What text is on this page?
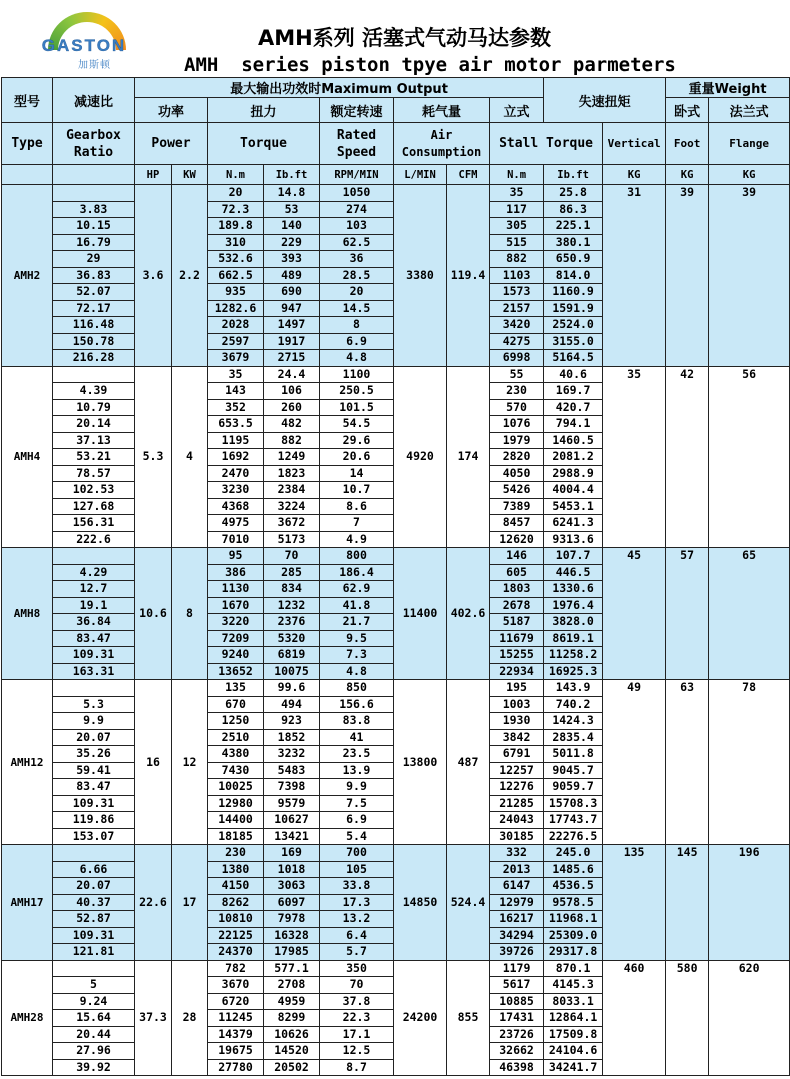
GASTON
加斯顿
AMH系列 活塞式气动马达参数
AMH  series piston tpye air motor parmeters
型号	减速比	最大输出功效时Maximum Output								失速扭矩		重量Weight	
		功率		扭力		额定转速	耗气量		立式			卧式	法兰式
Type	Gearbox Ratio	Power		Torque		Rated Speed	Air Consumption		Stall Torque		Vertical	Foot	Flange
		HP	KW	N.m	Ib.ft	RPM/MIN	L/MIN	CFM	N.m	Ib.ft	KG	KG	KG
AMH2		3.6	2.2	20	14.8	1050	3380	119.4	35	25.8	31	39	39
	3.83			72.3	53	274			117	86.3			
	10.15			189.8	140	103			305	225.1			
	16.79			310	229	62.5			515	380.1			
	29			532.6	393	36			882	650.9			
	36.83			662.5	489	28.5			1103	814.0			
	52.07			935	690	20			1573	1160.9			
	72.17			1282.6	947	14.5			2157	1591.9			
	116.48			2028	1497	8			3420	2524.0			
	150.78			2597	1917	6.9			4275	3155.0			
	216.28			3679	2715	4.8			6998	5164.5			
AMH4		5.3	4	35	24.4	1100	4920	174	55	40.6	35	42	56
	4.39			143	106	250.5			230	169.7			
	10.79			352	260	101.5			570	420.7			
	20.14			653.5	482	54.5			1076	794.1			
	37.13			1195	882	29.6			1979	1460.5			
	53.21			1692	1249	20.6			2820	2081.2			
	78.57			2470	1823	14			4050	2988.9			
	102.53			3230	2384	10.7			5426	4004.4			
	127.68			4368	3224	8.6			7389	5453.1			
	156.31			4975	3672	7			8457	6241.3			
	222.6			7010	5173	4.9			12620	9313.6			
AMH8		10.6	8	95	70	800	11400	402.6	146	107.7	45	57	65
	4.29			386	285	186.4			605	446.5			
	12.7			1130	834	62.9			1803	1330.6			
	19.1			1670	1232	41.8			2678	1976.4			
	36.84			3220	2376	21.7			5187	3828.0			
	83.47			7209	5320	9.5			11679	8619.1			
	109.31			9240	6819	7.3			15255	11258.2			
	163.31			13652	10075	4.8			22934	16925.3			
AMH12		16	12	135	99.6	850	13800	487	195	143.9	49	63	78
	5.3			670	494	156.6			1003	740.2			
	9.9			1250	923	83.8			1930	1424.3			
	20.07			2510	1852	41			3842	2835.4			
	35.26			4380	3232	23.5			6791	5011.8			
	59.41			7430	5483	13.9			12257	9045.7			
	83.47			10025	7398	9.9			12276	9059.7			
	109.31			12980	9579	7.5			21285	15708.3			
	119.86			14400	10627	6.9			24043	17743.7			
	153.07			18185	13421	5.4			30185	22276.5			
AMH17		22.6	17	230	169	700	14850	524.4	332	245.0	135	145	196
	6.66			1380	1018	105			2013	1485.6			
	20.07			4150	3063	33.8			6147	4536.5			
	40.37			8262	6097	17.3			12979	9578.5			
	52.87			10810	7978	13.2			16217	11968.1			
	109.31			22125	16328	6.4			34294	25309.0			
	121.81			24370	17985	5.7			39726	29317.8			
AMH28		37.3	28	782	577.1	350	24200	855	1179	870.1	460	580	620
	5			3670	2708	70			5617	4145.3			
	9.24			6720	4959	37.8			10885	8033.1			
	15.64			11245	8299	22.3			17431	12864.1			
	20.44			14379	10626	17.1			23726	17509.8			
	27.96			19675	14520	12.5			32662	24104.6			
	39.92			27780	20502	8.7			46398	34241.7			
